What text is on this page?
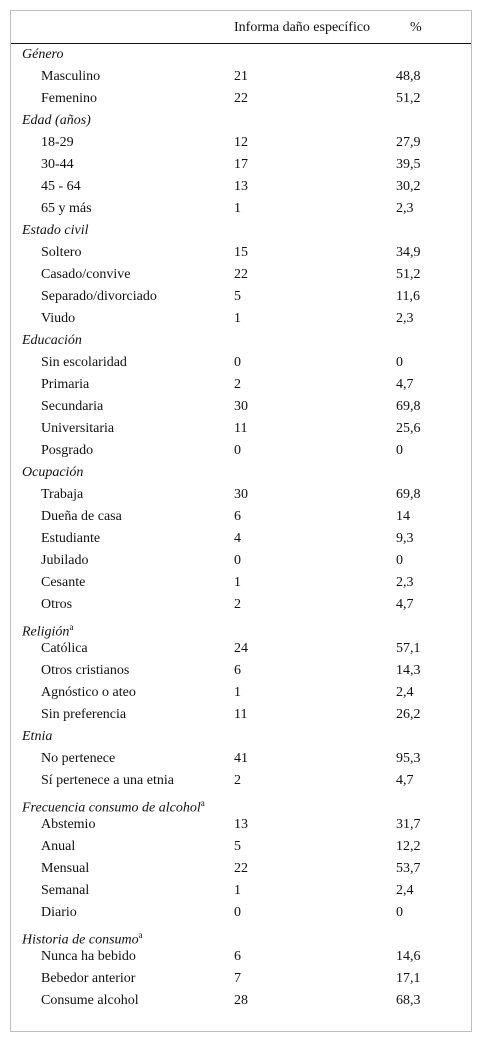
Informa daño específico	%
Género
Masculino	21	48,8
Femenino	22	51,2
Edad (años)
18-29	12	27,9
30-44	17	39,5
45 - 64	13	30,2
65 y más	1	2,3
Estado civil
Soltero	15	34,9
Casado/convive	22	51,2
Separado/divorciado	5	11,6
Viudo	1	2,3
Educación
Sin escolaridad	0	0
Primaria	2	4,7
Secundaria	30	69,8
Universitaria	11	25,6
Posgrado	0	0
Ocupación
Trabaja	30	69,8
Dueña de casa	6	14
Estudiante	4	9,3
Jubilado	0	0
Cesante	1	2,3
Otros	2	4,7
Religión$^a$
Católica	24	57,1
Otros cristianos	6	14,3
Agnóstico o ateo	1	2,4
Sin preferencia	11	26,2
Etnia
No pertenece	41	95,3
Sí pertenece a una etnia	2	4,7
Frecuencia consumo de alcohol$^a$
Abstemio	13	31,7
Anual	5	12,2
Mensual	22	53,7
Semanal	1	2,4
Diario	0	0
Historia de consumo$^a$
Nunca ha bebido	6	14,6
Bebedor anterior	7	17,1
Consume alcohol	28	68,3
